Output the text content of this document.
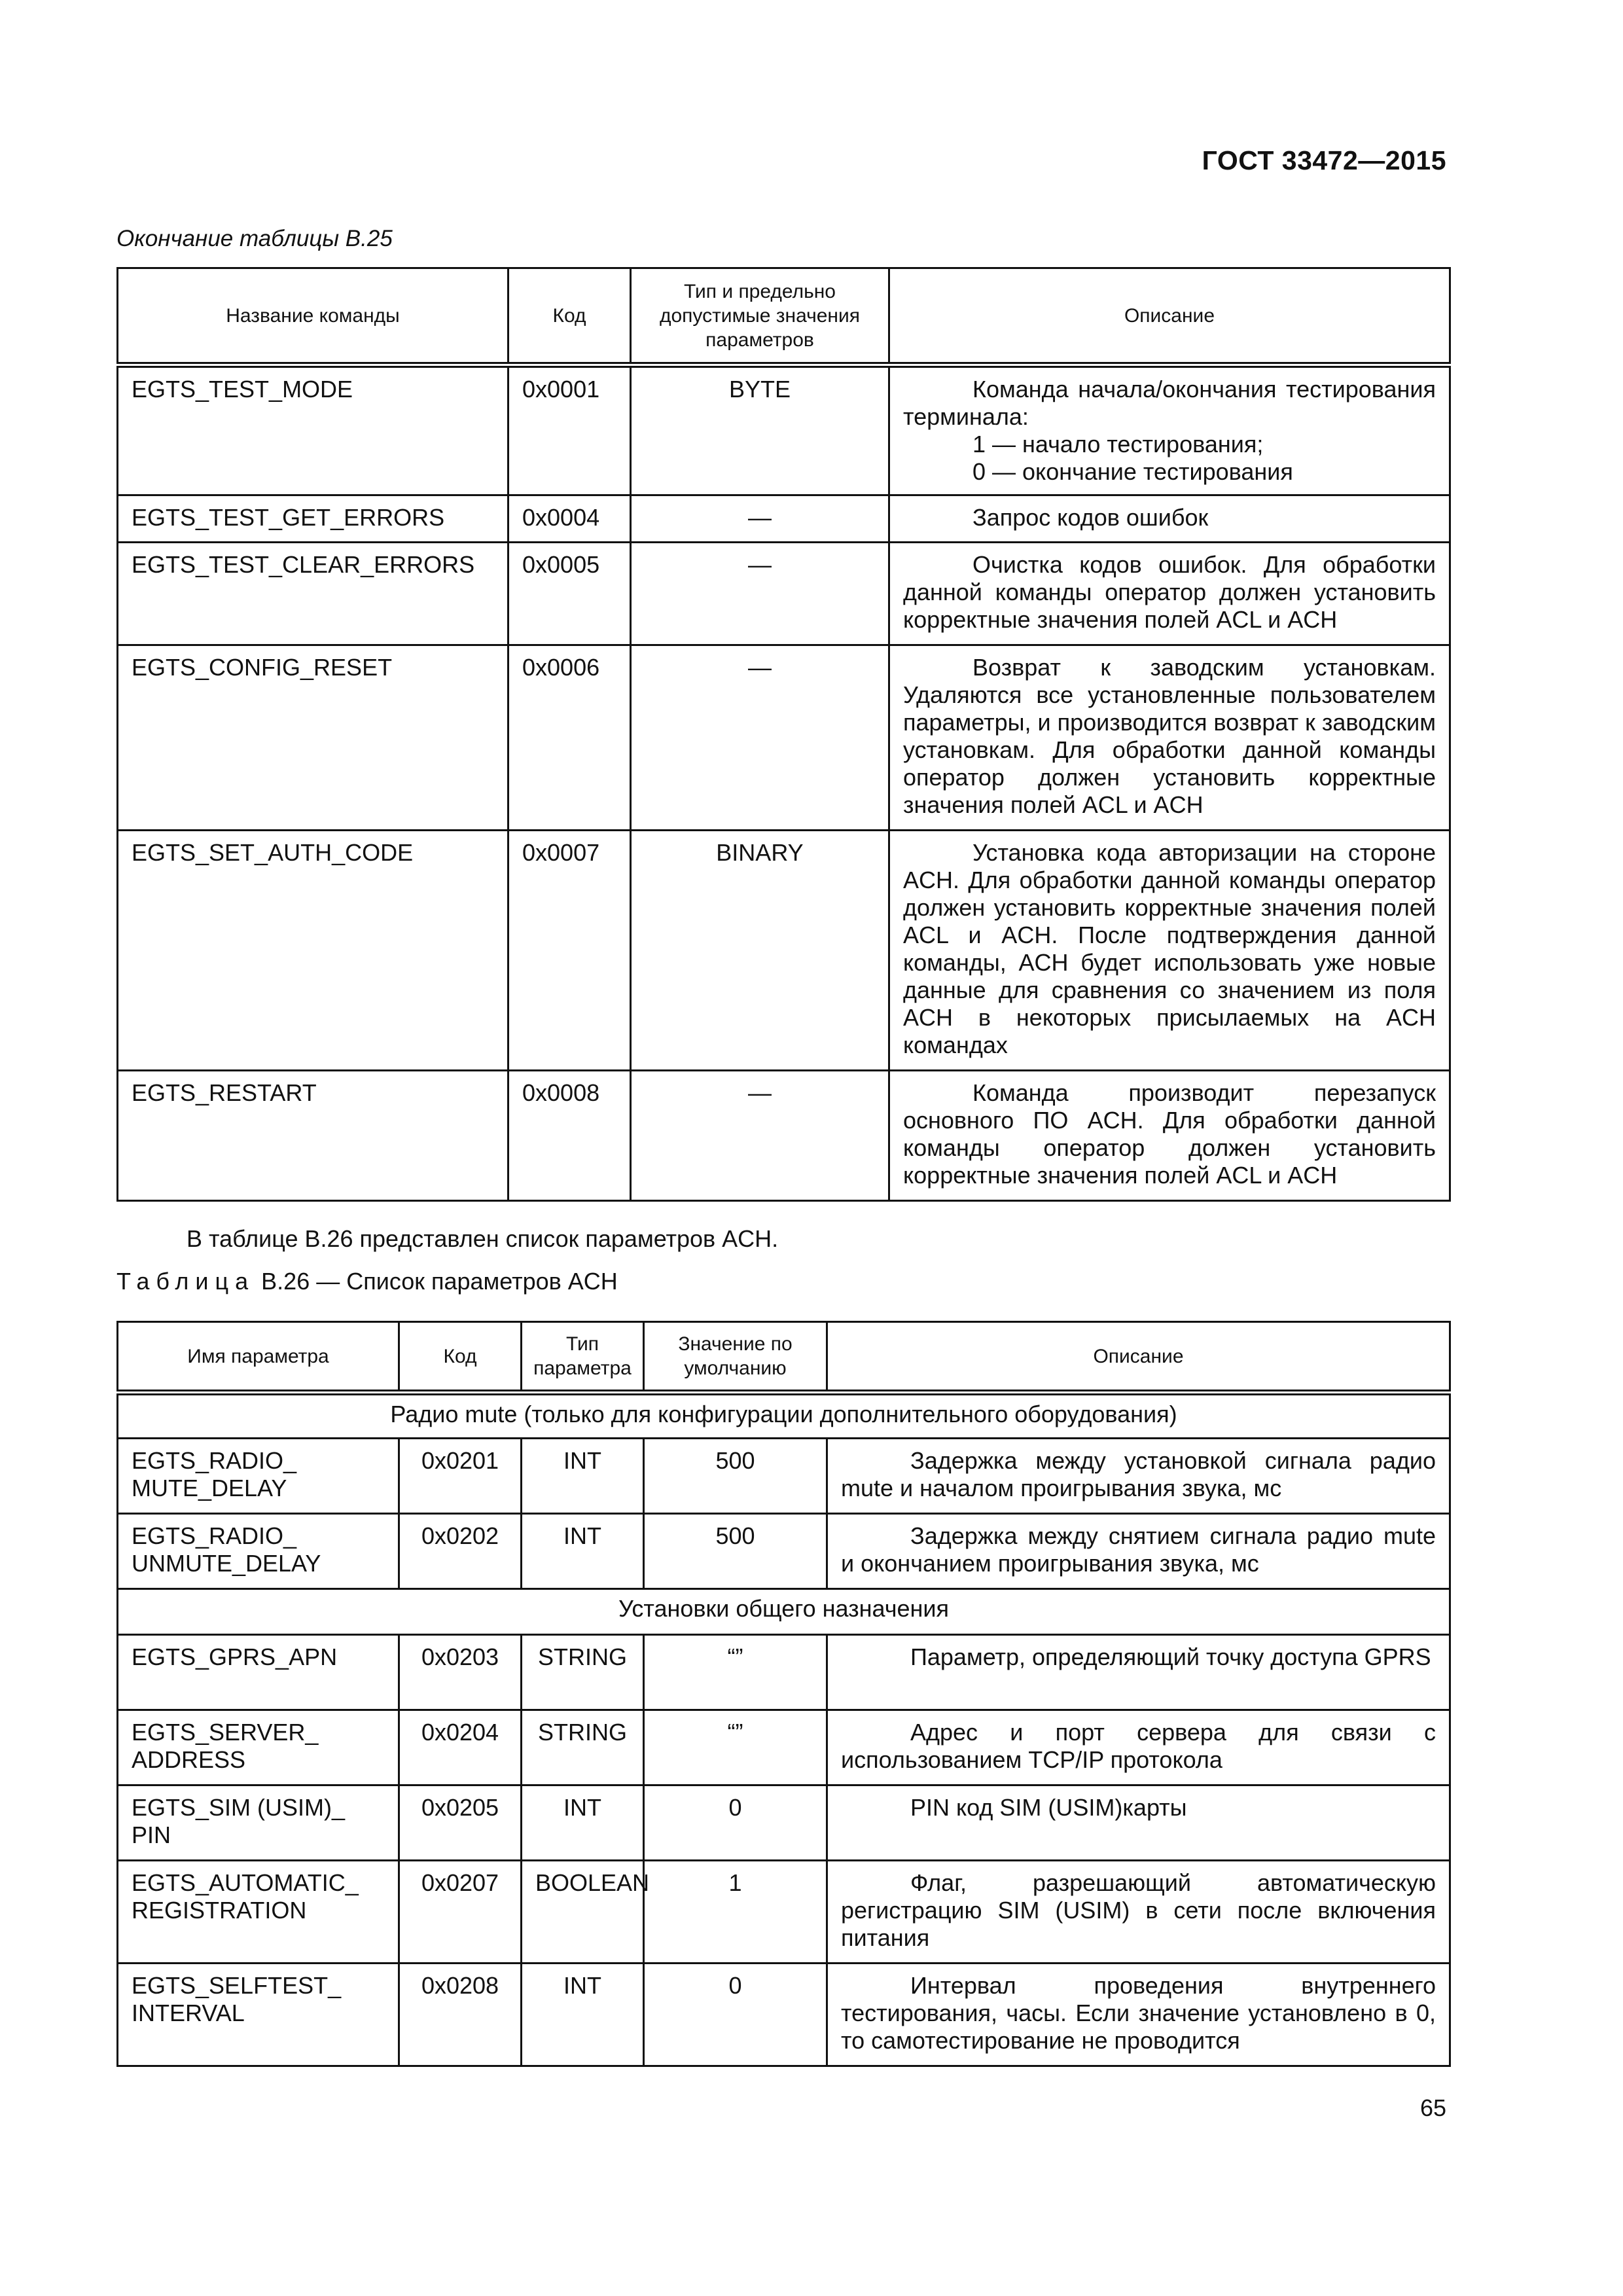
ГОСТ 33472—2015
Окончание таблицы В.25
Название команды	Код	Тип и предельно допустимые значения параметров	Описание
EGTS_TEST_MODE	0x0001	BYTE	Команда начала/окончания тестирования терминала:
1 — начало тестирования;
0 — окончание тестирования

EGTS_TEST_GET_ERRORS	0x0004	—	Запрос кодов ошибок
EGTS_TEST_CLEAR_ERRORS	0x0005	—	Очистка кодов ошибок. Для обработки данной команды оператор должен установить корректные значения полей ACL и ACH
EGTS_CONFIG_RESET	0x0006	—	Возврат к заводским установкам. Удаляются все установленные пользователем параметры, и производится возврат к заводским установкам. Для обработки данной команды оператор должен установить корректные значения полей ACL и ACH
EGTS_SET_AUTH_CODE	0x0007	BINARY	Установка кода авторизации на стороне ACH. Для обработки данной команды оператор должен установить корректные значения полей ACL и ACH. После подтверждения данной команды, ACH будет использовать уже новые данные для сравнения со значением из поля ACH в некоторых присылаемых на ACH командах
EGTS_RESTART	0x0008	—	Команда производит перезапуск основного ПО ACH. Для обработки данной команды оператор должен установить корректные значения полей ACL и ACH
В таблице В.26 представлен список параметров ACH.
Таблица В.26 — Список параметров ACH
Имя параметра	Код	Тип параметра	Значение по умолчанию	Описание
Радио mute (только для конфигурации дополнительного оборудования)				
EGTS_RADIO_ MUTE_DELAY	0x0201	INT	500	Задержка между установкой сигнала радио mute и началом проигрывания звука, мс
EGTS_RADIO_ UNMUTE_DELAY	0x0202	INT	500	Задержка между снятием сигнала радио mute и окончанием проигрывания звука, мс
Установки общего назначения				
EGTS_GPRS_APN	0x0203	STRING	“”	Параметр, определяющий точку доступа GPRS
EGTS_SERVER_ ADDRESS	0x0204	STRING	“”	Адрес и порт сервера для связи с использованием TCP/IP протокола
EGTS_SIM (USIM)_ PIN	0x0205	INT	0	PIN код SIM (USIM)карты
EGTS_AUTOMATIC_ REGISTRATION	0x0207	BOOLEAN	1	Флаг, разрешающий автоматическую регистрацию SIM (USIM) в сети после включения питания
EGTS_SELFTEST_ INTERVAL	0x0208	INT	0	Интервал проведения внутреннего тестирования, часы. Если значение установлено в 0, то самотестирование не проводится
65
